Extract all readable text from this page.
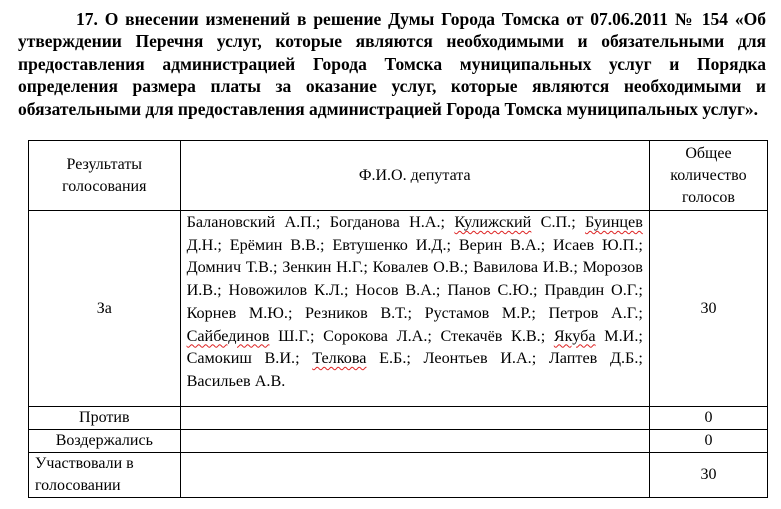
17. О внесении изменений в решение Думы Города Томска от 07.06.2011 № 154 «Об утверждении Перечня услуг, которые являются необходимыми и обязательными для предоставления администрацией Города Томска муниципальных услуг и Порядка определения размера платы за оказание услуг, которые являются необходимыми и обязательными для предоставления администрацией Города Томска муниципальных услуг».
Результаты голосования	Ф.И.О. депутата	Общее количество голосов
За	Балановский А.П.; Богданова Н.А.; Кулижский С.П.; Буинцев Д.Н.; Ерёмин В.В.; Евтушенко И.Д.; Верин В.А.; Исаев Ю.П.; Домнич Т.В.; Зенкин Н.Г.; Ковалев О.В.; Вавилова И.В.; Морозов И.В.; Новожилов К.Л.; Носов В.А.; Панов С.Ю.; Правдин О.Г.; Корнев М.Ю.; Резников В.Т.; Рустамов М.Р.; Петров А.Г.; Сайбединов Ш.Г.; Сорокова Л.А.; Стекачёв К.В.; Якуба М.И.; Самокиш В.И.; Телкова Е.Б.; Леонтьев И.А.; Лаптев Д.Б.; Васильев А.В.	30
Против		0
Воздержались		0
Участвовали в голосовании		30
